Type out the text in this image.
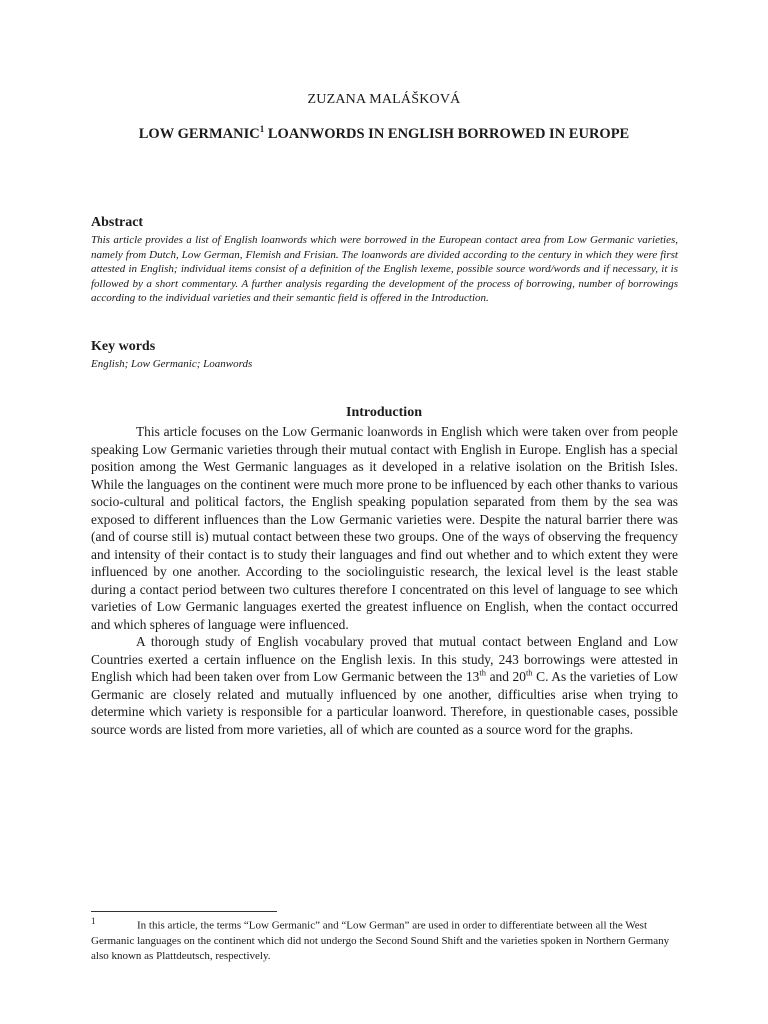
ZUZANA MALÁŠKOVÁ
LOW GERMANIC$^1$ LOANWORDS IN ENGLISH BORROWED IN EUROPE
Abstract
This article provides a list of English loanwords which were borrowed in the European contact area from Low Germanic varieties, namely from Dutch, Low German, Flemish and Frisian. The loanwords are divided according to the century in which they were first attested in English; individual items consist of a definition of the English lexeme, possible source word/words and if necessary, it is followed by a short commentary. A further analysis regarding the development of the process of borrowing, number of borrowings according to the individual varieties and their semantic field is offered in the Introduction.
Key words
English; Low Germanic; Loanwords
Introduction

This article focuses on the Low Germanic loanwords in English which were taken over from people speaking Low Germanic varieties through their mutual contact with English in Europe. English has a special position among the West Germanic languages as it developed in a relative isolation on the British Isles. While the languages on the continent were much more prone to be influenced by each other thanks to various socio-cultural and political factors, the English speaking population separated from them by the sea was exposed to different influences than the Low Germanic varieties were. Despite the natural barrier there was (and of course still is) mutual contact between these two groups. One of the ways of observing the frequency and intensity of their contact is to study their languages and find out whether and to which extent they were influenced by one another. According to the sociolinguistic research, the lexical level is the least stable during a contact period between two cultures therefore I concentrated on this level of language to see which varieties of Low Germanic languages exerted the greatest influence on English, when the contact occurred and which spheres of language were influenced.

A thorough study of English vocabulary proved that mutual contact between England and Low Countries exerted a certain influence on the English lexis. In this study, 243 borrowings were attested in English which had been taken over from Low Germanic between the 13th and 20th C. As the varieties of Low Germanic are closely related and mutually influenced by one another, difficulties arise when trying to determine which variety is responsible for a particular loanword. Therefore, in questionable cases, possible source words are listed from more varieties, all of which are counted as a source word for the graphs.

1	In this article, the terms “Low Germanic” and “Low German” are used in order to differentiate between all the West Germanic languages on the continent which did not undergo the Second Sound Shift and the varieties spoken in Northern Germany also known as Plattdeutsch, respectively.
